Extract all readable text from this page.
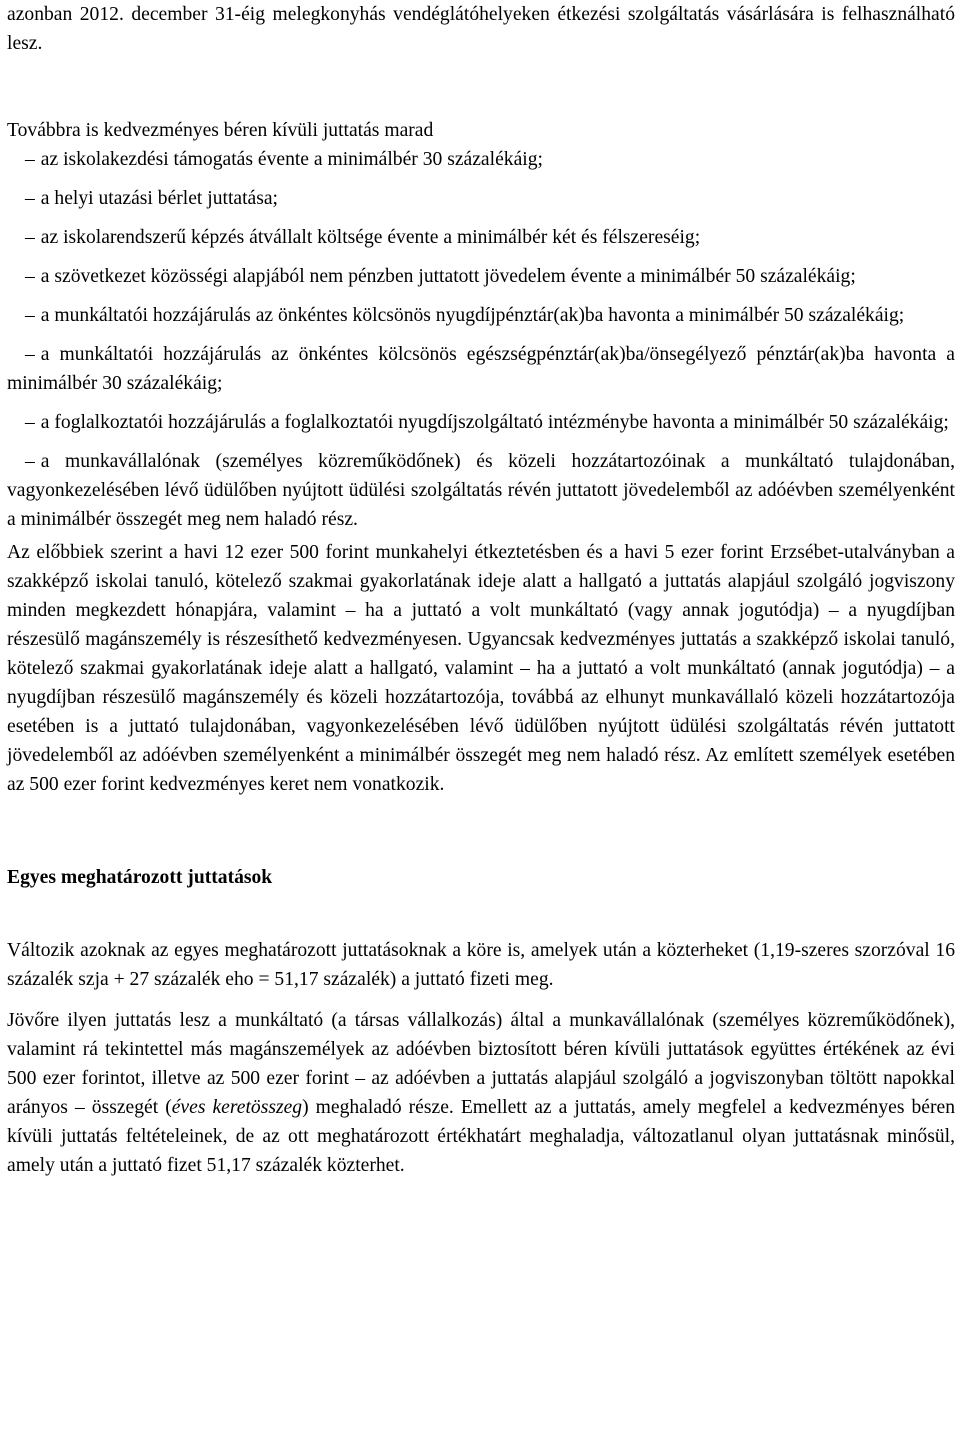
azonban 2012. december 31-éig melegkonyhás vendéglátóhelyeken étkezési szolgáltatás vásárlására is felhasználható lesz.

Továbbra is kedvezményes béren kívüli juttatás marad

– az iskolakezdési támogatás évente a minimálbér 30 százalékáig;

– a helyi utazási bérlet juttatása;

– az iskolarendszerű képzés átvállalt költsége évente a minimálbér két és félszereséig;

– a szövetkezet közösségi alapjából nem pénzben juttatott jövedelem évente a minimálbér 50 százalékáig;

– a munkáltatói hozzájárulás az önkéntes kölcsönös nyugdíjpénztár(ak)ba havonta a minimálbér 50 százalékáig;

– a munkáltatói hozzájárulás az önkéntes kölcsönös egészségpénztár(ak)ba/önsegélyező pénztár(ak)ba havonta a minimálbér 30 százalékáig;

– a foglalkoztatói hozzájárulás a foglalkoztatói nyugdíjszolgáltató intézménybe havonta a minimálbér 50 százalékáig;

– a munkavállalónak (személyes közreműködőnek) és közeli hozzátartozóinak a munkáltató tulajdonában, vagyonkezelésében lévő üdülőben nyújtott üdülési szolgáltatás révén juttatott jövedelemből az adóévben személyenként a minimálbér összegét meg nem haladó rész.

Az előbbiek szerint a havi 12 ezer 500 forint munkahelyi étkeztetésben és a havi 5 ezer forint Erzsébet-utalványban a szakképző iskolai tanuló, kötelező szakmai gyakorlatának ideje alatt a hallgató a juttatás alapjául szolgáló jogviszony minden megkezdett hónapjára, valamint – ha a juttató a volt munkáltató (vagy annak jogutódja) – a nyugdíjban részesülő magánszemély is részesíthető kedvezményesen. Ugyancsak kedvezményes juttatás a szakképző iskolai tanuló, kötelező szakmai gyakorlatának ideje alatt a hallgató, valamint – ha a juttató a volt munkáltató (annak jogutódja) – a nyugdíjban részesülő magánszemély és közeli hozzátartozója, továbbá az elhunyt munkavállaló közeli hozzátartozója esetében is a juttató tulajdonában, vagyonkezelésében lévő üdülőben nyújtott üdülési szolgáltatás révén juttatott jövedelemből az adóévben személyenként a minimálbér összegét meg nem haladó rész. Az említett személyek esetében az 500 ezer forint kedvezményes keret nem vonatkozik.

Egyes meghatározott juttatások

Változik azoknak az egyes meghatározott juttatásoknak a köre is, amelyek után a közterheket (1,19-szeres szorzóval 16 százalék szja + 27 százalék eho = 51,17 százalék) a juttató fizeti meg.

Jövőre ilyen juttatás lesz a munkáltató (a társas vállalkozás) által a munkavállalónak (személyes közreműködőnek), valamint rá tekintettel más magánszemélyek az adóévben biztosított béren kívüli juttatások együttes értékének az évi 500 ezer forintot, illetve az 500 ezer forint – az adóévben a juttatás alapjául szolgáló a jogviszonyban töltött napokkal arányos – összegét (éves keretösszeg) meghaladó része. Emellett az a juttatás, amely megfelel a kedvezményes béren kívüli juttatás feltételeinek, de az ott meghatározott értékhatárt meghaladja, változatlanul olyan juttatásnak minősül, amely után a juttató fizet 51,17 százalék közterhet.
